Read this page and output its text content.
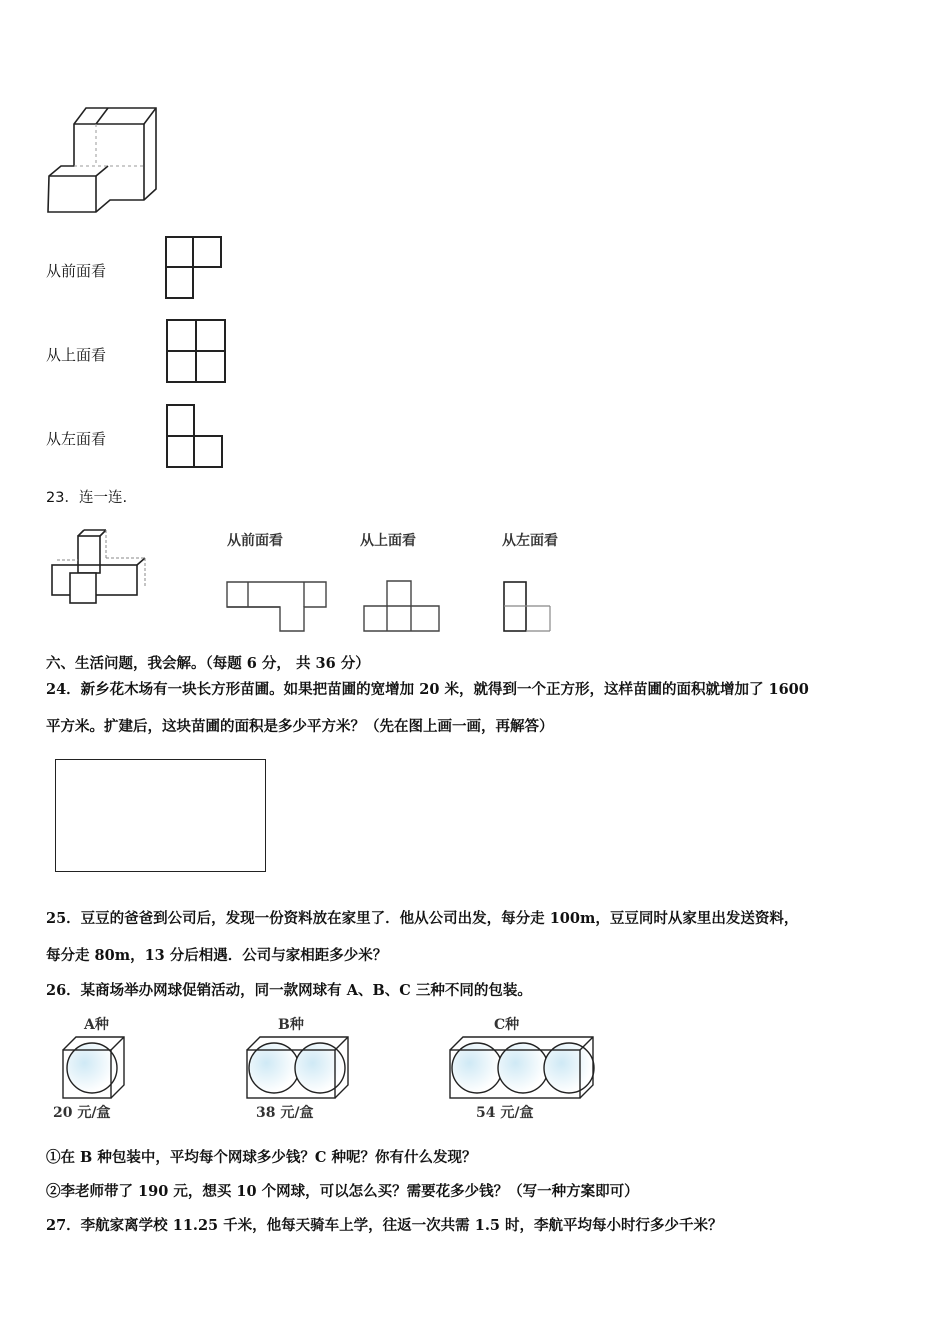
从前面看
从上面看
从左面看
23．连一连.
从前面看	从上面看	从左面看
六、生活问题，我会解。（每题 6 分， 共 36 分）
24．新乡花木场有一块长方形苗圃。如果把苗圃的宽增加 20 米，就得到一个正方形，这样苗圃的面积就增加了 1600
平方米。扩建后，这块苗圃的面积是多少平方米？（先在图上画一画，再解答）
25．豆豆的爸爸到公司后，发现一份资料放在家里了．他从公司出发，每分走 100m，豆豆同时从家里出发送资料，
每分走 80m，13 分后相遇．公司与家相距多少米？
26．某商场举办网球促销活动，同一款网球有 A、B、C 三种不同的包装。
A种
20 元/盒
B种
38 元/盒
C种
54 元/盒
①在 B 种包装中，平均每个网球多少钱？C 种呢？你有什么发现？
②李老师带了 190 元，想买 10 个网球，可以怎么买？需要花多少钱？（写一种方案即可）
27．李航家离学校 11.25 千米，他每天骑车上学，往返一次共需 1.5 时，李航平均每小时行多少千米？
